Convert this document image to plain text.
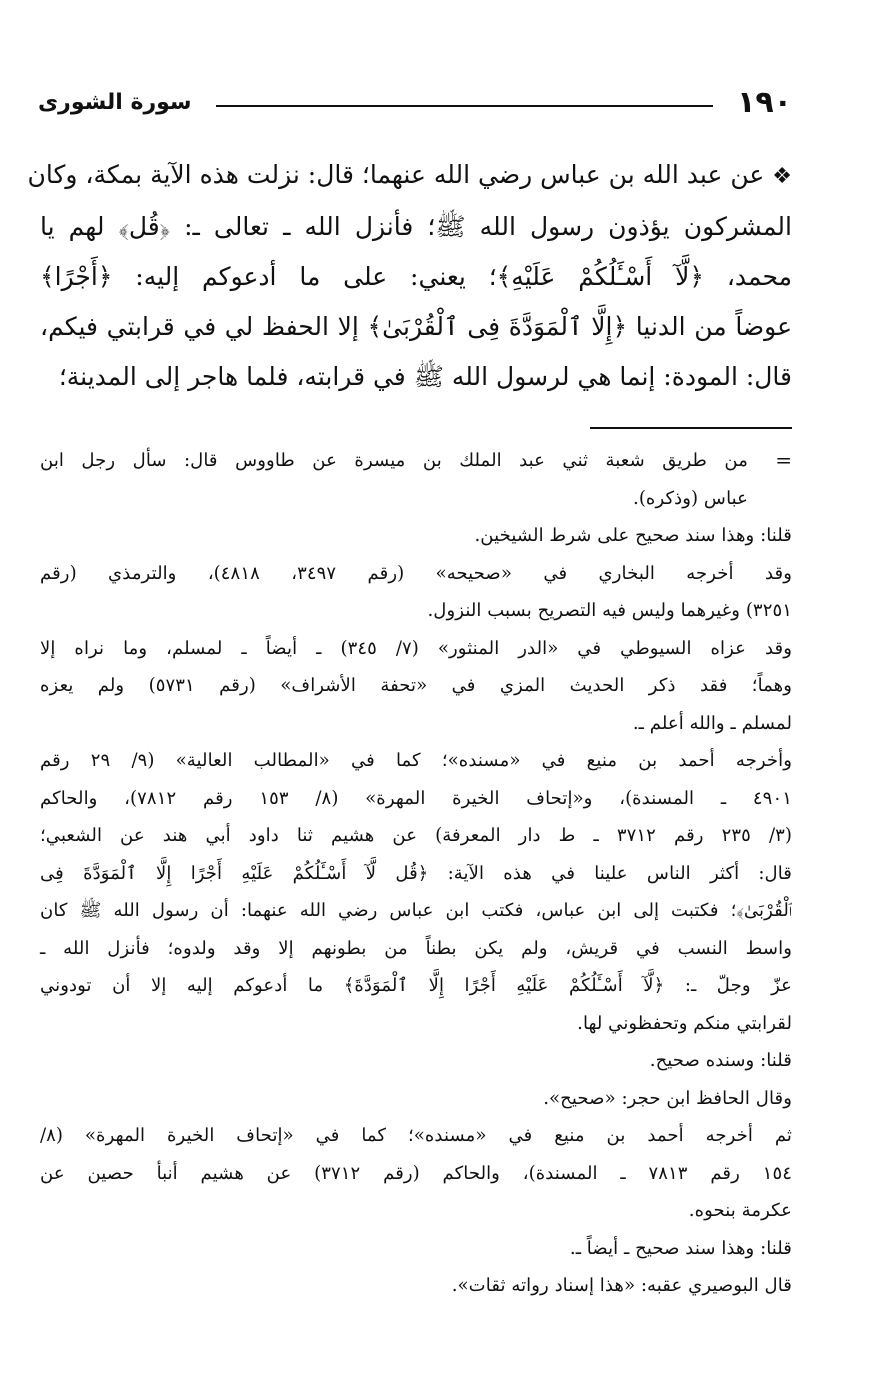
١٩٠
سورة الشورى
❖عن عبد الله بن عباس رضي الله عنهما؛ قال: نزلت هذه الآية بمكة، وكان
المشركون يؤذون رسول الله ﷺ؛ فأنزل الله ـ تعالى ـ: ﴿قُل﴾ لهم يا
محمد، ﴿لَّآ أَسْـَٔلُكُمْ عَلَيْهِ﴾؛ يعني: على ما أدعوكم إليه: ﴿أَجْرًا﴾
عوضاً من الدنيا ﴿إِلَّا ٱلْمَوَدَّةَ فِى ٱلْقُرْبَىٰ﴾ إلا الحفظ لي في قرابتي فيكم،
قال: المودة: إنما هي لرسول الله ﷺ في قرابته، فلما هاجر إلى المدينة؛
=
من طريق شعبة ثني عبد الملك بن ميسرة عن طاووس قال: سأل رجل ابن
عباس (وذكره).
قلنا: وهذا سند صحيح على شرط الشيخين.
وقد أخرجه البخاري في «صحيحه» (رقم ٣٤٩٧، ٤٨١٨)، والترمذي (رقم
٣٢٥١) وغيرهما وليس فيه التصريح بسبب النزول.
وقد عزاه السيوطي في «الدر المنثور» (٧/ ٣٤٥) ـ أيضاً ـ لمسلم، وما نراه إلا
وهماً؛ فقد ذكر الحديث المزي في «تحفة الأشراف» (رقم ٥٧٣١) ولم يعزه
لمسلم ـ والله أعلم ـ.
وأخرجه أحمد بن منيع في «مسنده»؛ كما في «المطالب العالية» (٩/ ٢٩ رقم
٤٩٠١ ـ المسندة)، و«إتحاف الخيرة المهرة» (٨/ ١٥٣ رقم ٧٨١٢)، والحاكم
(٣/ ٢٣٥ رقم ٣٧١٢ ـ ط دار المعرفة) عن هشيم ثنا داود أبي هند عن الشعبي؛
قال: أكثر الناس علينا في هذه الآية: ﴿قُل لَّآ أَسْـَٔلُكُمْ عَلَيْهِ أَجْرًا إِلَّا ٱلْمَوَدَّةَ فِى
ٱلْقُرْبَىٰ﴾؛ فكتبت إلى ابن عباس، فكتب ابن عباس رضي الله عنهما: أن رسول الله ﷺ كان
واسط النسب في قريش، ولم يكن بطناً من بطونهم إلا وقد ولدوه؛ فأنزل الله ـ
عزّ وجلّ ـ: ﴿لَّآ أَسْـَٔلُكُمْ عَلَيْهِ أَجْرًا إِلَّا ٱلْمَوَدَّةَ﴾ ما أدعوكم إليه إلا أن تودوني
لقرابتي منكم وتحفظوني لها.
قلنا: وسنده صحيح.
وقال الحافظ ابن حجر: «صحيح».
ثم أخرجه أحمد بن منيع في «مسنده»؛ كما في «إتحاف الخيرة المهرة» (٨/
١٥٤ رقم ٧٨١٣ ـ المسندة)، والحاكم (رقم ٣٧١٢) عن هشيم أنبأ حصين عن
عكرمة بنحوه.
قلنا: وهذا سند صحيح ـ أيضاً ـ.
قال البوصيري عقبه: «هذا إسناد رواته ثقات».
